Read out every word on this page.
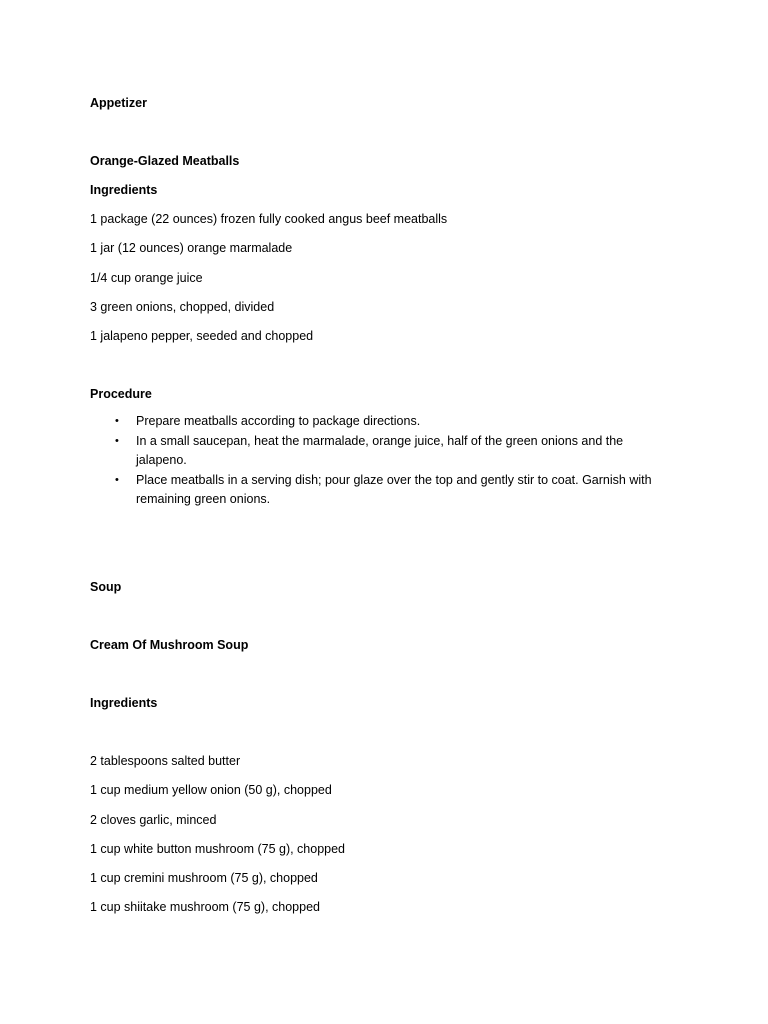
Appetizer
Orange-Glazed Meatballs
Ingredients
1 package (22 ounces) frozen fully cooked angus beef meatballs
1 jar (12 ounces) orange marmalade
1/4 cup orange juice
3 green onions, chopped, divided
1 jalapeno pepper, seeded and chopped
Procedure
• Prepare meatballs according to package directions.
• In a small saucepan, heat the marmalade, orange juice, half of the green onions and the jalapeno.
• Place meatballs in a serving dish; pour glaze over the top and gently stir to coat. Garnish with remaining green onions.
Soup
Cream Of Mushroom Soup
Ingredients
2 tablespoons salted butter
1 cup medium yellow onion (50 g), chopped
2 cloves garlic, minced
1 cup white button mushroom (75 g), chopped
1 cup cremini mushroom (75 g), chopped
1 cup shiitake mushroom (75 g), chopped
